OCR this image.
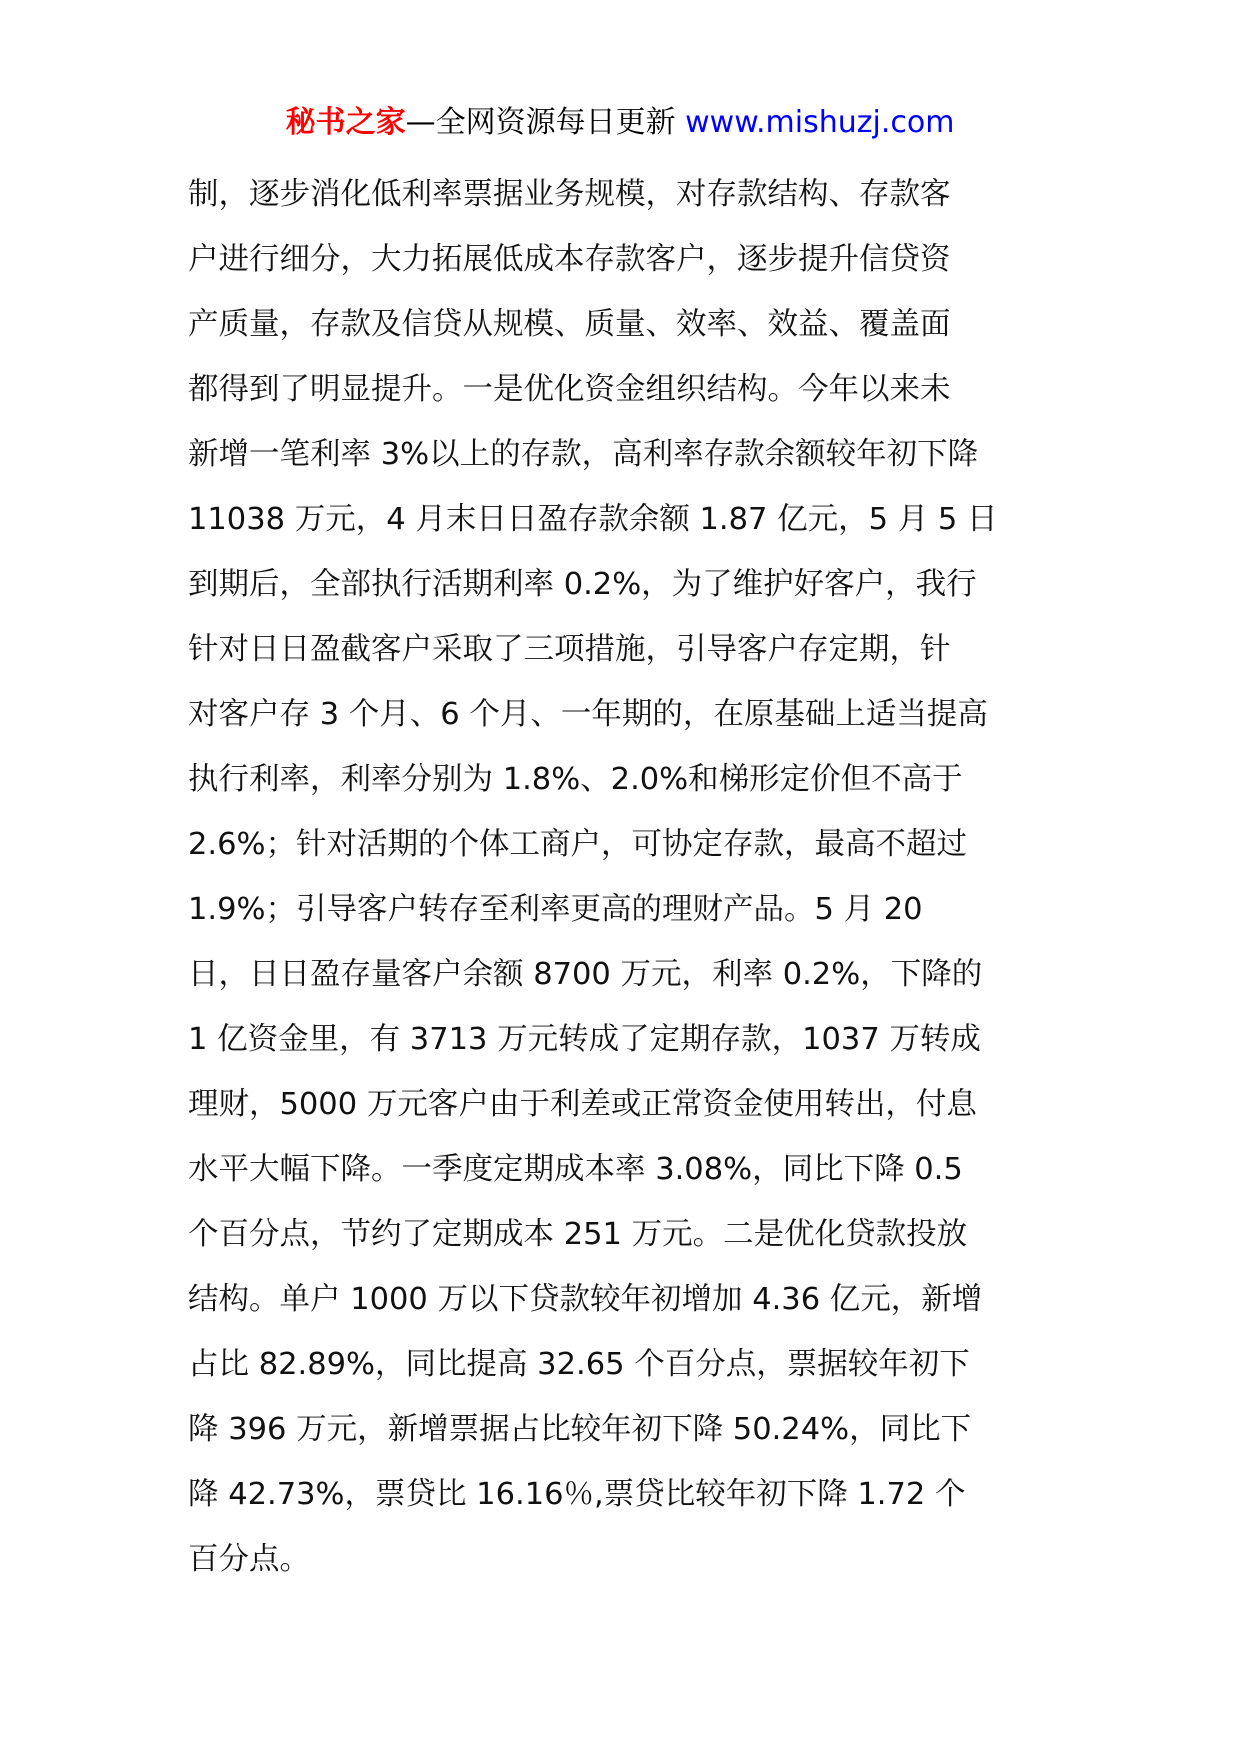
秘书之家—全网资源每日更新 www.mishuzj.com
制，逐步消化低利率票据业务规模，对存款结构、存款客
户进行细分，大力拓展低成本存款客户，逐步提升信贷资
产质量，存款及信贷从规模、质量、效率、效益、覆盖面
都得到了明显提升。一是优化资金组织结构。今年以来未
新增一笔利率 3%以上的存款，高利率存款余额较年初下降
11038 万元，4 月末日日盈存款余额 1.87 亿元，5 月 5 日
到期后，全部执行活期利率 0.2%，为了维护好客户，我行
针对日日盈截客户采取了三项措施，引导客户存定期，针
对客户存 3 个月、6 个月、一年期的，在原基础上适当提高
执行利率，利率分别为 1.8%、2.0%和梯形定价但不高于
2.6%；针对活期的个体工商户，可协定存款，最高不超过
1.9%；引导客户转存至利率更高的理财产品。5 月 20
日，日日盈存量客户余额 8700 万元，利率 0.2%，下降的
1 亿资金里，有 3713 万元转成了定期存款，1037 万转成
理财，5000 万元客户由于利差或正常资金使用转出，付息
水平大幅下降。一季度定期成本率 3.08%，同比下降 0.5
个百分点，节约了定期成本 251 万元。二是优化贷款投放
结构。单户 1000 万以下贷款较年初增加 4.36 亿元，新增
占比 82.89%，同比提高 32.65 个百分点，票据较年初下
降 396 万元，新增票据占比较年初下降 50.24%，同比下
降 42.73%，票贷比 16.16％,票贷比较年初下降 1.72 个
百分点。
